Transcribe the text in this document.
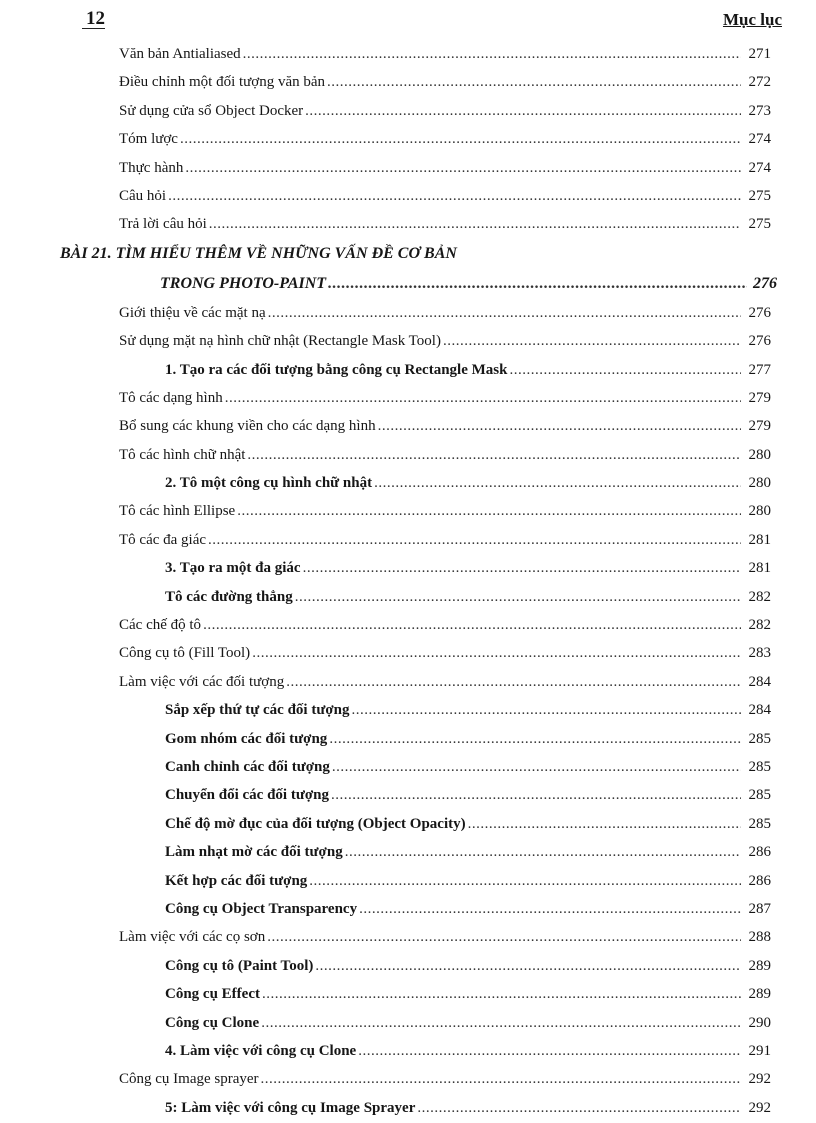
12	Mục lục
Văn bản Antialiased .....	271
Điều chỉnh một đối tượng văn bản .....	272
Sử dụng cửa sổ Object Docker .....	273
Tóm lược .....	274
Thực hành .....	274
Câu hỏi .....	275
Trả lời câu hỏi .....	275
BÀI 21. TÌM HIỂU THÊM VỀ NHỮNG VẤN ĐỀ CƠ BẢN
TRONG PHOTO-PAINT .....	276
Giới thiệu về các mặt nạ .....	276
Sử dụng mặt nạ hình chữ nhật (Rectangle Mask Tool) .....	276
1. Tạo ra các đối tượng bằng công cụ Rectangle Mask .....	277
Tô các dạng hình .....	279
Bổ sung các khung viền cho các dạng hình .....	279
Tô các hình chữ nhật .....	280
2. Tô một công cụ hình chữ nhật .....	280
Tô các hình Ellipse .....	280
Tô các đa giác .....	281
3. Tạo ra một đa giác .....	281
Tô các đường thẳng .....	282
Các chế độ tô .....	282
Công cụ tô (Fill Tool) .....	283
Làm việc với các đối tượng .....	284
Sắp xếp thứ tự các đối tượng .....	284
Gom nhóm các đối tượng .....	285
Canh chỉnh các đối tượng .....	285
Chuyển đổi các đối tượng .....	285
Chế độ mờ đục của đối tượng (Object Opacity) .....	285
Làm nhạt mờ các đối tượng .....	286
Kết hợp các đối tượng .....	286
Công cụ Object Transparency .....	287
Làm việc với các cọ sơn .....	288
Công cụ tô (Paint Tool) .....	289
Công cụ Effect .....	289
Công cụ Clone .....	290
4. Làm việc với công cụ Clone .....	291
Công cụ Image sprayer .....	292
5: Làm việc với công cụ Image Sprayer .....	292
